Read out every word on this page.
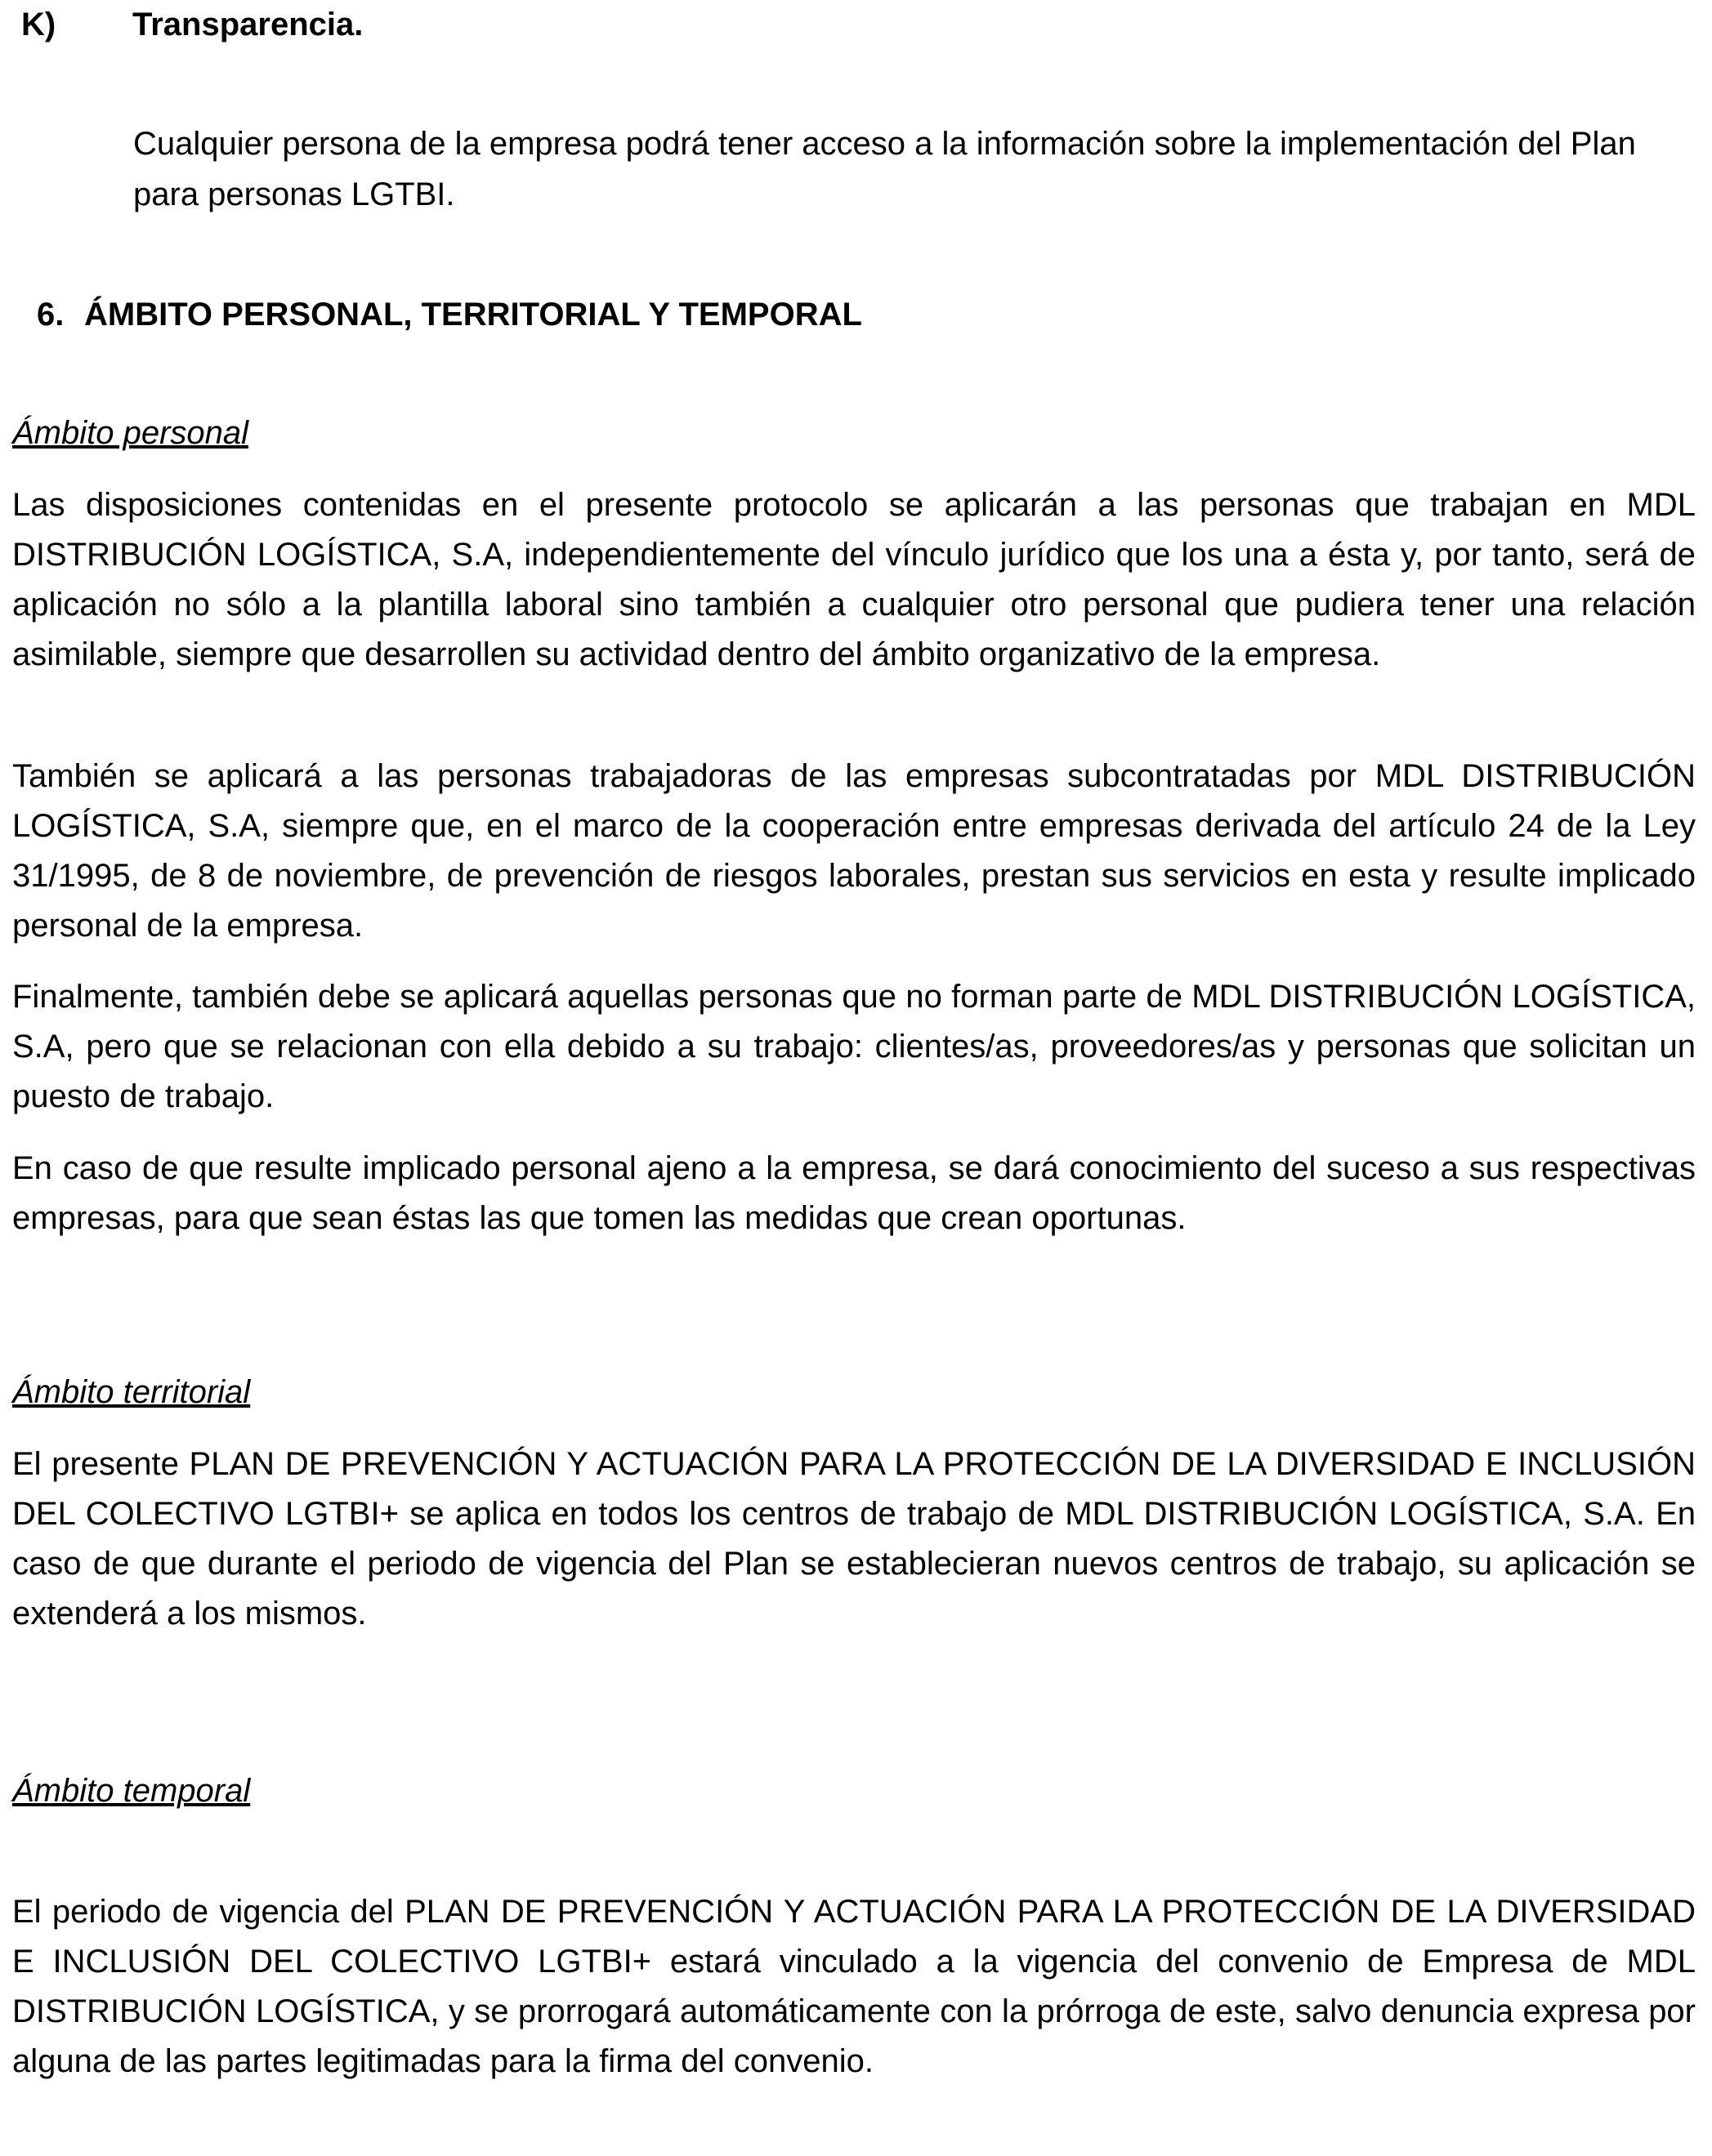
K) Transparencia.
Cualquier persona de la empresa podrá tener acceso a la información sobre la implementación del Plan para personas LGTBI.
6. ÁMBITO PERSONAL, TERRITORIAL Y TEMPORAL
Ámbito personal

Las disposiciones contenidas en el presente protocolo se aplicarán a las personas que trabajan en MDL DISTRIBUCIÓN LOGÍSTICA, S.A, independientemente del vínculo jurídico que los una a ésta y, por tanto, será de aplicación no sólo a la plantilla laboral sino también a cualquier otro personal que pudiera tener una relación asimilable, siempre que desarrollen su actividad dentro del ámbito organizativo de la empresa.

También se aplicará a las personas trabajadoras de las empresas subcontratadas por MDL DISTRIBUCIÓN LOGÍSTICA, S.A, siempre que, en el marco de la cooperación entre empresas derivada del artículo 24 de la Ley 31/1995, de 8 de noviembre, de prevención de riesgos laborales, prestan sus servicios en esta y resulte implicado personal de la empresa.

Finalmente, también debe se aplicará aquellas personas que no forman parte de MDL DISTRIBUCIÓN LOGÍSTICA, S.A, pero que se relacionan con ella debido a su trabajo: clientes/as, proveedores/as y personas que solicitan un puesto de trabajo.

En caso de que resulte implicado personal ajeno a la empresa, se dará conocimiento del suceso a sus respectivas empresas, para que sean éstas las que tomen las medidas que crean oportunas.

Ámbito territorial

El presente PLAN DE PREVENCIÓN Y ACTUACIÓN PARA LA PROTECCIÓN DE LA DIVERSIDAD E INCLUSIÓN DEL COLECTIVO LGTBI+ se aplica en todos los centros de trabajo de MDL DISTRIBUCIÓN LOGÍSTICA, S.A. En caso de que durante el periodo de vigencia del Plan se establecieran nuevos centros de trabajo, su aplicación se extenderá a los mismos.

Ámbito temporal

El periodo de vigencia del PLAN DE PREVENCIÓN Y ACTUACIÓN PARA LA PROTECCIÓN DE LA DIVERSIDAD E INCLUSIÓN DEL COLECTIVO LGTBI+ estará vinculado a la vigencia del convenio de Empresa de MDL DISTRIBUCIÓN LOGÍSTICA, y se prorrogará automáticamente con la prórroga de este, salvo denuncia expresa por alguna de las partes legitimadas para la firma del convenio.
